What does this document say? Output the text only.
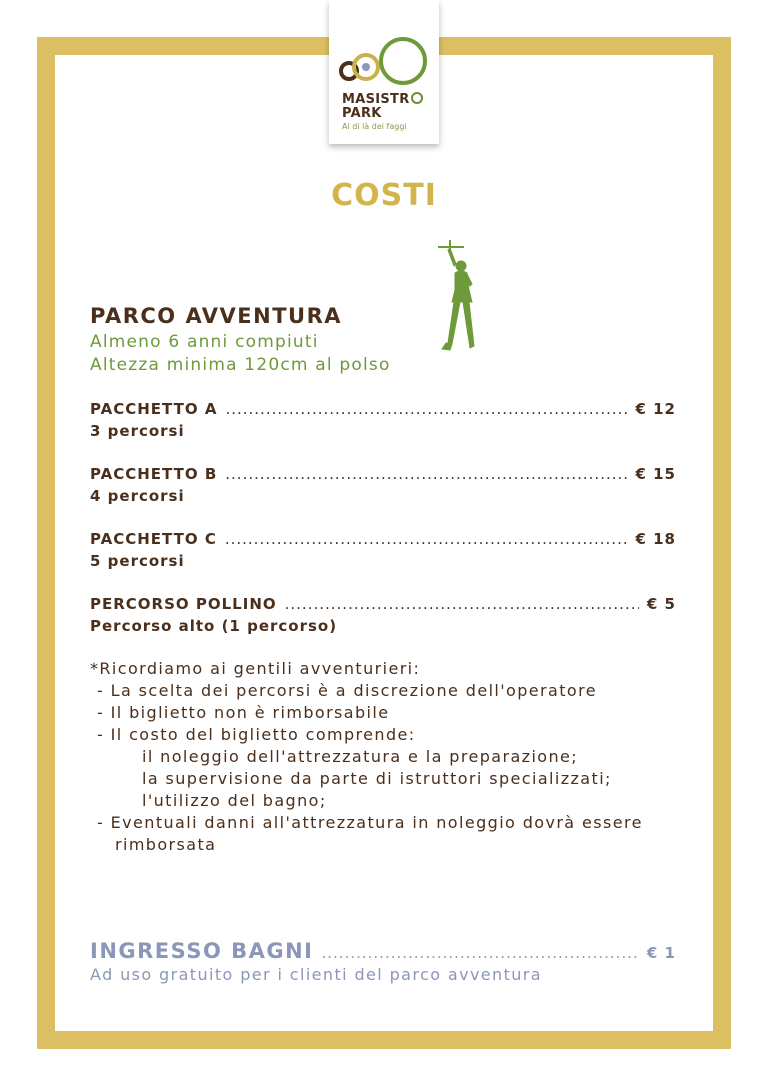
MASISTR
PARK
Al di là dei faggi
COSTI
PARCO AVVENTURA
Almeno 6 anni compiuti
Altezza minima 120cm al polso
PACCHETTO A .....	€ 12
3 percorsi
PACCHETTO B .....	€ 15
4 percorsi
PACCHETTO C .....	€ 18
5 percorsi
PERCORSO POLLINO .....	€ 5
Percorso alto (1 percorso)
*Ricordiamo ai gentili avventurieri:
- La scelta dei percorsi è a discrezione dell'operatore
- Il biglietto non è rimborsabile
- Il costo del biglietto comprende:
il noleggio dell'attrezzatura e la preparazione;
la supervisione da parte di istruttori specializzati;
l'utilizzo del bagno;
- Eventuali danni all'attrezzatura in noleggio dovrà essere
rimborsata
INGRESSO BAGNI .....	€ 1
Ad uso gratuito per i clienti del parco avventura
